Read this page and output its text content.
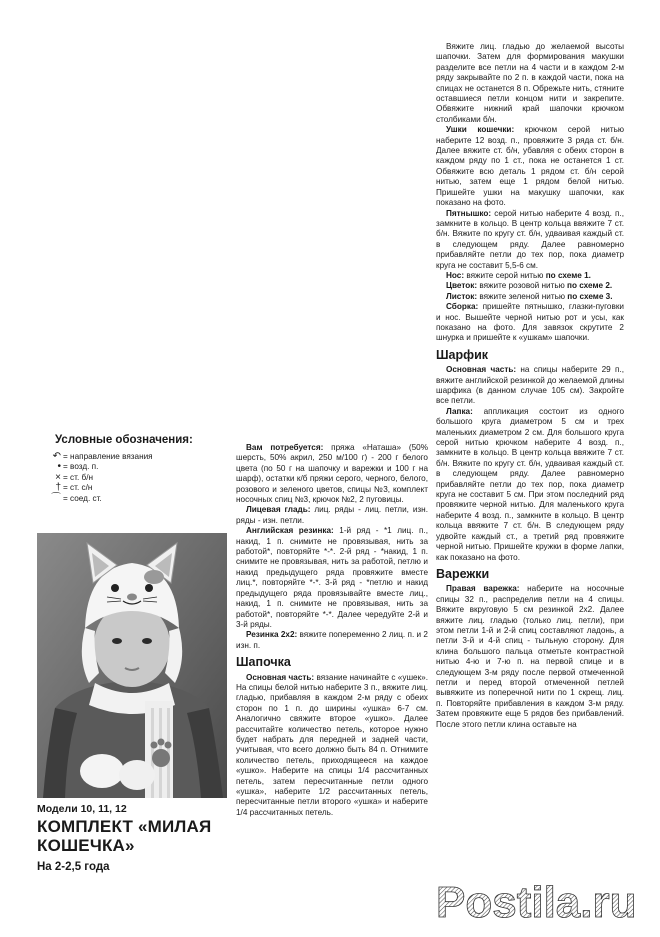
Условные обозначения:
↶ = направление вязания
• = возд. п.
× = ст. б/н
† = ст. с/н
⌒ = соед. ст.
Модели 10, 11, 12
КОМПЛЕКТ «МИЛАЯ
КОШЕЧКА»
На 2-2,5 года

Вам потребуется: пряжа «Наташа» (50% шерсть, 50% акрил, 250 м/100 г) - 200 г белого цвета (по 50 г на шапочку и варежки и 100 г на шарф), остатки к/б пряжи серого, черного, белого, розового и зеленого цветов, спицы №3, комплект носочных спиц №3, крючок №2, 2 пуговицы.

Лицевая гладь: лиц. ряды - лиц. петли, изн. ряды - изн. петли.

Английская резинка: 1-й ряд - *1 лиц. п., накид, 1 п. снимите не провязывая, нить за работой*, повторяйте *-*. 2-й ряд - *накид, 1 п. снимите не провязывая, нить за работой, петлю и накид предыдущего ряда провяжите вместе лиц.*, повторяйте *-*. 3-й ряд - *петлю и накид предыдущего ряда провязывайте вместе лиц., накид, 1 п. снимите не провязывая, нить за работой*, повторяйте *-*. Далее чередуйте 2-й и 3-й ряды.

Резинка 2х2: вяжите попеременно 2 лиц. п. и 2 изн. п.

Шапочка

Основная часть: вязание начинайте с «ушек». На спицы белой нитью наберите 3 п., вяжите лиц. гладью, прибавляя в каждом 2-м ряду с обеих сторон по 1 п. до ширины «ушка» 6-7 см. Аналогично свяжите второе «ушко». Далее рассчитайте количество петель, которое нужно будет набрать для передней и задней части, учитывая, что всего должно быть 84 п. Отнимите количество петель, приходящееся на каждое «ушко». Наберите на спицы 1/4 рассчитанных петель, затем пересчитанные петли одного «ушка», наберите 1/2 рассчитанных петель, пересчитанные петли второго «ушка» и наберите 1/4 рассчитанных петель.

Вяжите лиц. гладью до желаемой высоты шапочки. Затем для формирования макушки разделите все петли на 4 части и в каждом 2-м ряду закрывайте по 2 п. в каждой части, пока на спицах не останется 8 п. Обрежьте нить, стяните оставшиеся петли концом нити и закрепите. Обвяжите нижний край шапочки крючком столбиками б/н.

Ушки кошечки: крючком серой нитью наберите 12 возд. п., провяжите 3 ряда ст. б/н. Далее вяжите ст. б/н, убавляя с обеих сторон в каждом ряду по 1 ст., пока не останется 1 ст. Обвяжите всю деталь 1 рядом ст. б/н серой нитью, затем еще 1 рядом белой нитью. Пришейте ушки на макушку шапочки, как показано на фото.

Пятнышко: серой нитью наберите 4 возд. п., замкните в кольцо. В центр кольца ввяжите 7 ст. б/н. Вяжите по кругу ст. б/н, удваивая каждый ст. в следующем ряду. Далее равномерно прибавляйте петли до тех пор, пока диаметр круга не составит 5,5-6 см.

Нос: вяжите серой нитью по схеме 1.

Цветок: вяжите розовой нитью по схеме 2.

Листок: вяжите зеленой нитью по схеме 3.

Сборка: пришейте пятнышко, глазки-пуговки и нос. Вышейте черной нитью рот и усы, как показано на фото. Для завязок скрутите 2 шнурка и пришейте к «ушкам» шапочки.

Шарфик

Основная часть: на спицы наберите 29 п., вяжите английской резинкой до желаемой длины шарфика (в данном случае 105 см). Закройте все петли.

Лапка: аппликация состоит из одного большого круга диаметром 5 см и трех маленьких диаметром 2 см. Для большого круга серой нитью крючком наберите 4 возд. п., замкните в кольцо. В центр кольца ввяжите 7 ст. б/н. Вяжите по кругу ст. б/н, удваивая каждый ст. в следующем ряду. Далее равномерно прибавляйте петли до тех пор, пока диаметр круга не составит 5 см. При этом последний ряд провяжите черной нитью. Для маленького круга наберите 4 возд. п., замкните в кольцо. В центр кольца ввяжите 7 ст. б/н. В следующем ряду удвойте каждый ст., а третий ряд провяжите черной нитью. Пришейте кружки в форме лапки, как показано на фото.

Варежки

Правая варежка: наберите на носочные спицы 32 п., распределив петли на 4 спицы. Вяжите вкруговую 5 см резинкой 2х2. Далее вяжите лиц. гладью (только лиц. петли), при этом петли 1-й и 2-й спиц составляют ладонь, а петли 3-й и 4-й спиц - тыльную сторону. Для клина большого пальца отметьте контрастной нитью 4-ю и 7-ю п. на первой спице и в следующем 3-м ряду после первой отмеченной петли и перед второй отмеченной петлей вывяжите из поперечной нити по 1 скрещ. лиц. п. Повторяйте прибавления в каждом 3-м ряду. Затем провяжите еще 5 рядов без прибавлений. После этого петли клина оставьте на

Postila.ru
